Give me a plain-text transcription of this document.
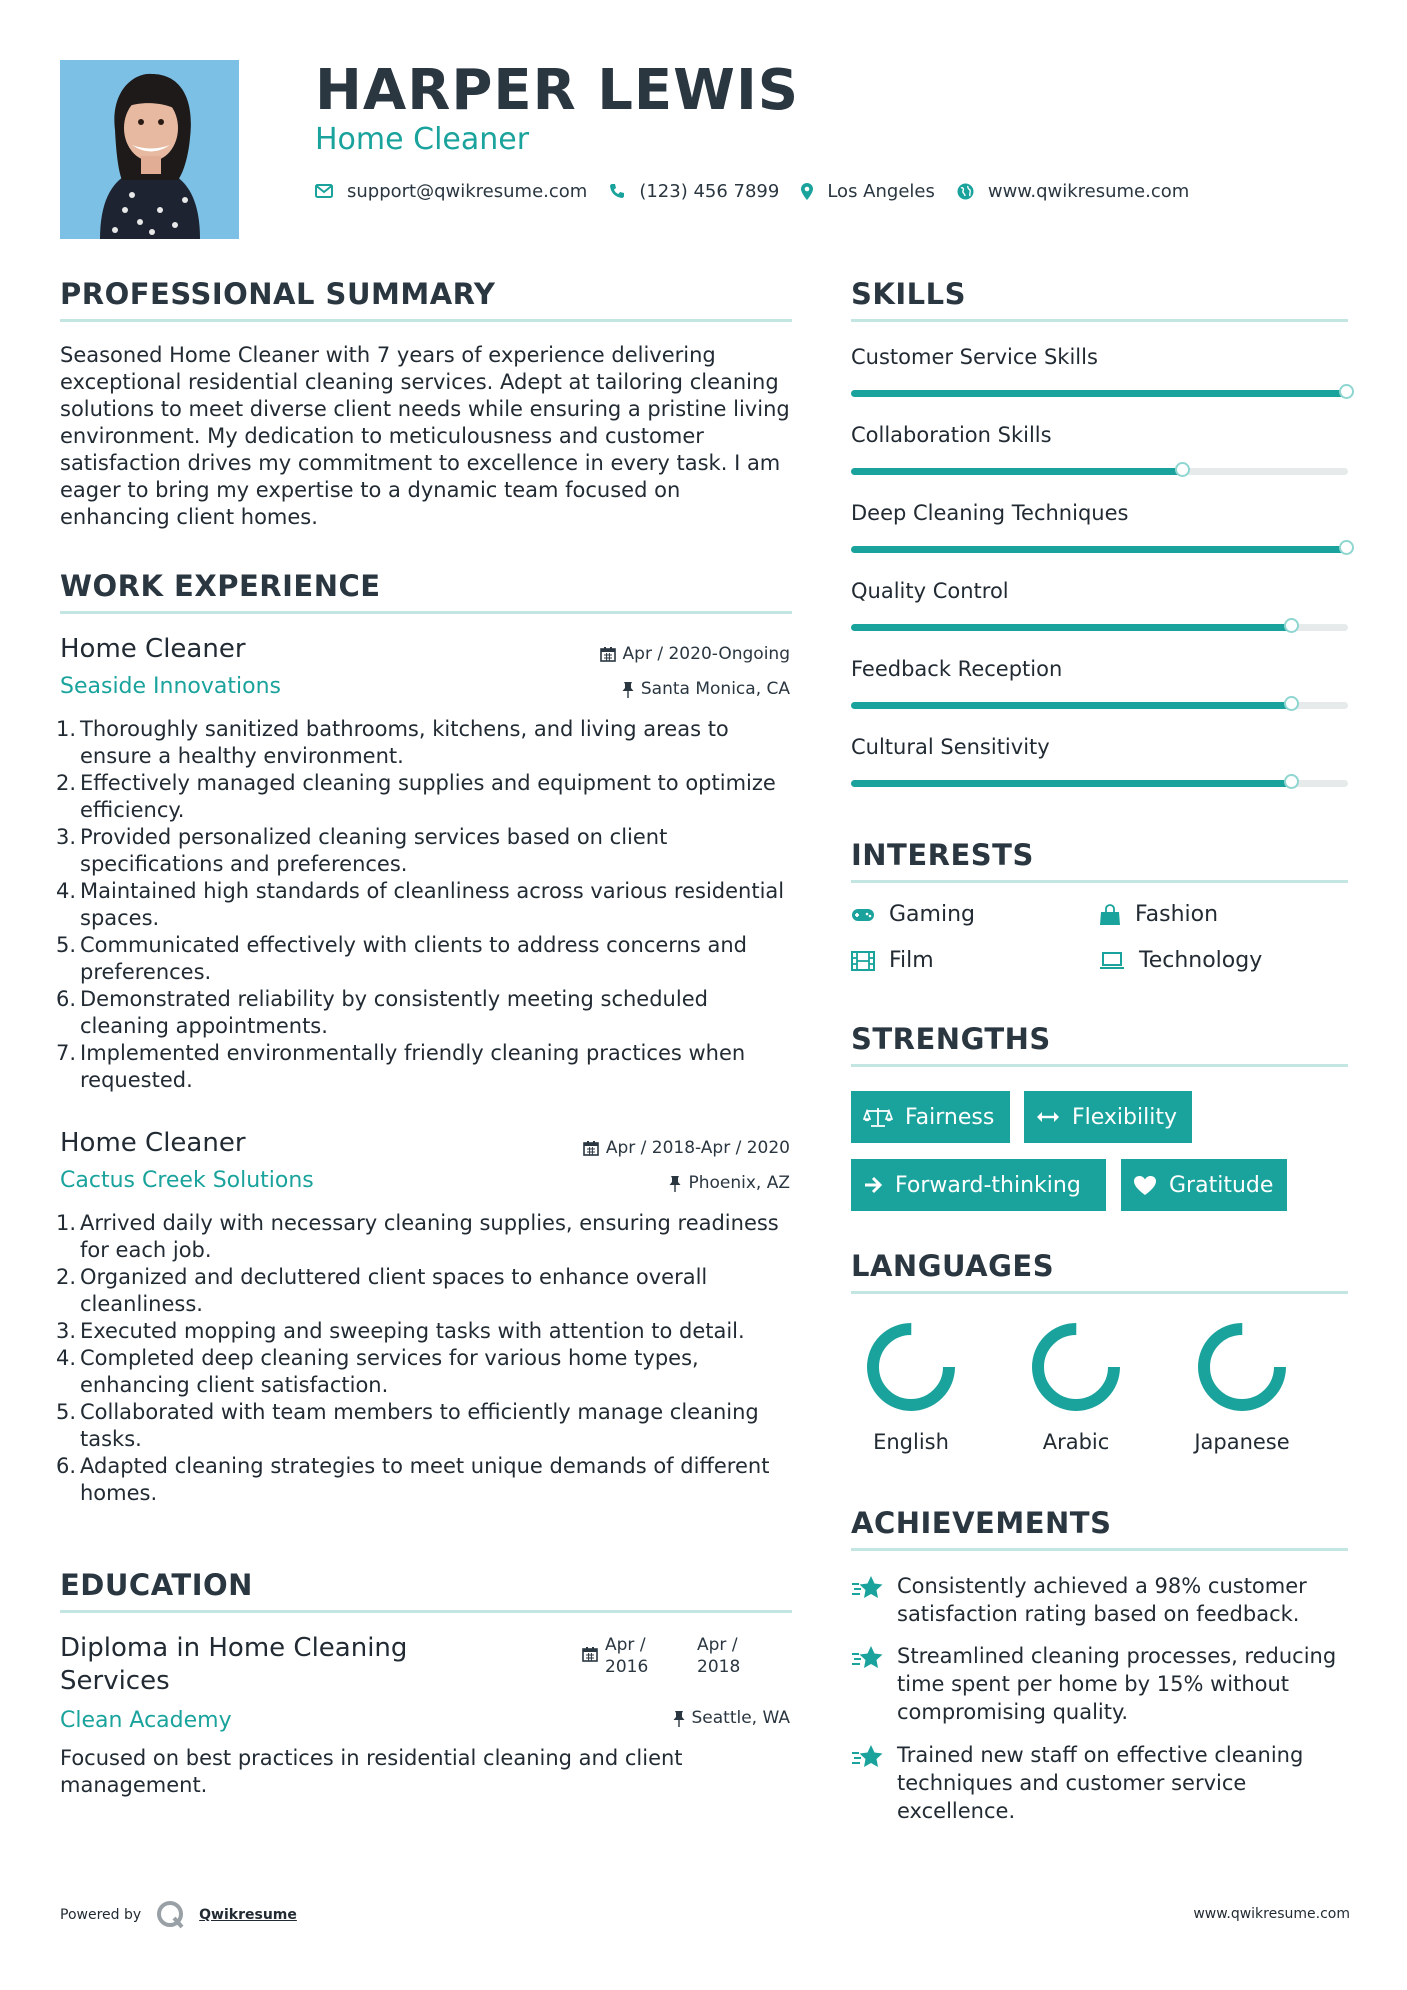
HARPER LEWIS
Home Cleaner
support@qwikresume.com	(123) 456 7899	Los Angeles	www.qwikresume.com
PROFESSIONAL SUMMARY

Seasoned Home Cleaner with 7 years of experience delivering exceptional residential cleaning services. Adept at tailoring cleaning solutions to meet diverse client needs while ensuring a pristine living environment. My dedication to meticulousness and customer satisfaction drives my commitment to excellence in every task. I am eager to bring my expertise to a dynamic team focused on enhancing client homes.

WORK EXPERIENCE
Home Cleaner
Seaside Innovations
Apr / 2020-Ongoing
Santa Monica, CA
1. Thoroughly sanitized bathrooms, kitchens, and living areas to ensure a healthy environment.
2. Effectively managed cleaning supplies and equipment to optimize efficiency.
3. Provided personalized cleaning services based on client specifications and preferences.
4. Maintained high standards of cleanliness across various residential spaces.
5. Communicated effectively with clients to address concerns and preferences.
6. Demonstrated reliability by consistently meeting scheduled cleaning appointments.
7. Implemented environmentally friendly cleaning practices when requested.
Home Cleaner
Cactus Creek Solutions
Apr / 2018-Apr / 2020
Phoenix, AZ
1. Arrived daily with necessary cleaning supplies, ensuring readiness for each job.
2. Organized and decluttered client spaces to enhance overall cleanliness.
3. Executed mopping and sweeping tasks with attention to detail.
4. Completed deep cleaning services for various home types, enhancing client satisfaction.
5. Collaborated with team members to efficiently manage cleaning tasks.
6. Adapted cleaning strategies to meet unique demands of different homes.
EDUCATION
Diploma in Home Cleaning Services
Apr / 2016
Apr / 2018
Clean Academy	Seattle, WA

Focused on best practices in residential cleaning and client management.

SKILLS
Customer Service Skills
Collaboration Skills
Deep Cleaning Techniques
Quality Control
Feedback Reception
Cultural Sensitivity
INTERESTS
Gaming	Fashion
Film	Technology
STRENGTHS
Fairness	Flexibility
Forward-thinking	Gratitude
LANGUAGES
English	Arabic	Japanese
ACHIEVEMENTS
Consistently achieved a 98% customer satisfaction rating based on feedback.
Streamlined cleaning processes, reducing time spent per home by 15% without compromising quality.
Trained new staff on effective cleaning techniques and customer service excellence.
Powered by	Qwikresume	www.qwikresume.com
